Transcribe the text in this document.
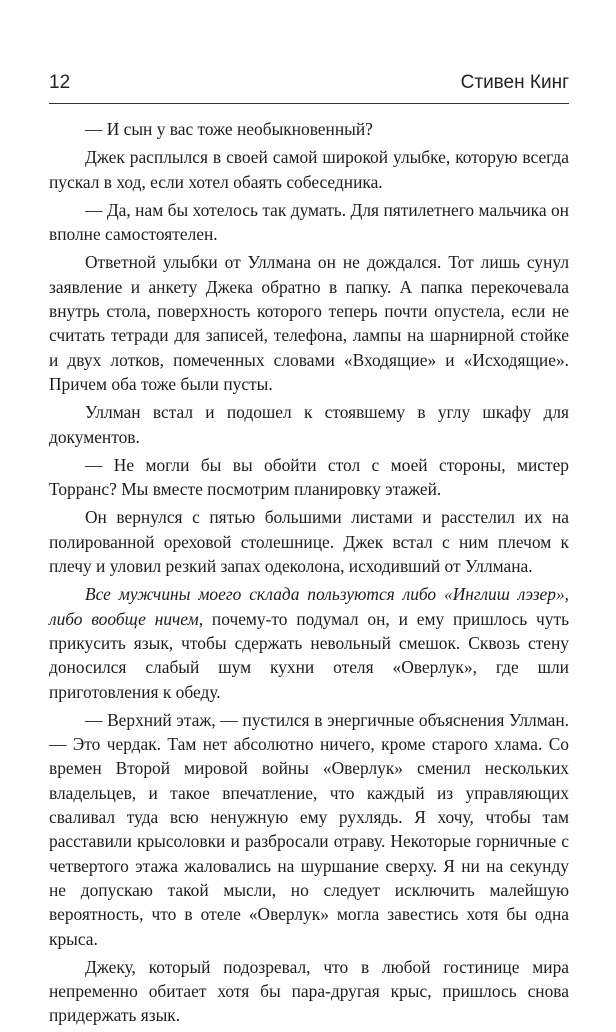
12	Стивен Кинг

— И сын у вас тоже необыкновенный?

Джек расплылся в своей самой широкой улыбке, которую всегда пускал в ход, если хотел обаять собеседника.

— Да, нам бы хотелось так думать. Для пятилетнего мальчика он вполне самостоятелен.

Ответной улыбки от Уллмана он не дождался. Тот лишь сунул заявление и анкету Джека обратно в папку. А папка перекочевала внутрь стола, поверхность которого теперь почти опустела, если не считать тетради для записей, телефона, лампы на шарнирной стойке и двух лотков, помеченных словами «Входящие» и «Исходящие». Причем оба тоже были пусты.

Уллман встал и подошел к стоявшему в углу шкафу для документов.

— Не могли бы вы обойти стол с моей стороны, мистер Торранс? Мы вместе посмотрим планировку этажей.

Он вернулся с пятью большими листами и расстелил их на полированной ореховой столешнице. Джек встал с ним плечом к плечу и уловил резкий запах одеколона, исходивший от Уллмана.

Все мужчины моего склада пользуются либо «Инглиш лэзер», либо вообще ничем, почему-то подумал он, и ему пришлось чуть прикусить язык, чтобы сдержать невольный смешок. Сквозь стену доносился слабый шум кухни отеля «Оверлук», где шли приготовления к обеду.

— Верхний этаж, — пустился в энергичные объяснения Уллман. — Это чердак. Там нет абсолютно ничего, кроме старого хлама. Со времен Второй мировой войны «Оверлук» сменил нескольких владельцев, и такое впечатление, что каждый из управляющих сваливал туда всю ненужную ему рухлядь. Я хочу, чтобы там расставили крысоловки и разбросали отраву. Некоторые горничные с четвертого этажа жаловались на шуршание сверху. Я ни на секунду не допускаю такой мысли, но следует исключить малейшую вероятность, что в отеле «Оверлук» могла завестись хотя бы одна крыса.

Джеку, который подозревал, что в любой гостинице мира непременно обитает хотя бы пара-другая крыс, пришлось снова придержать язык.
